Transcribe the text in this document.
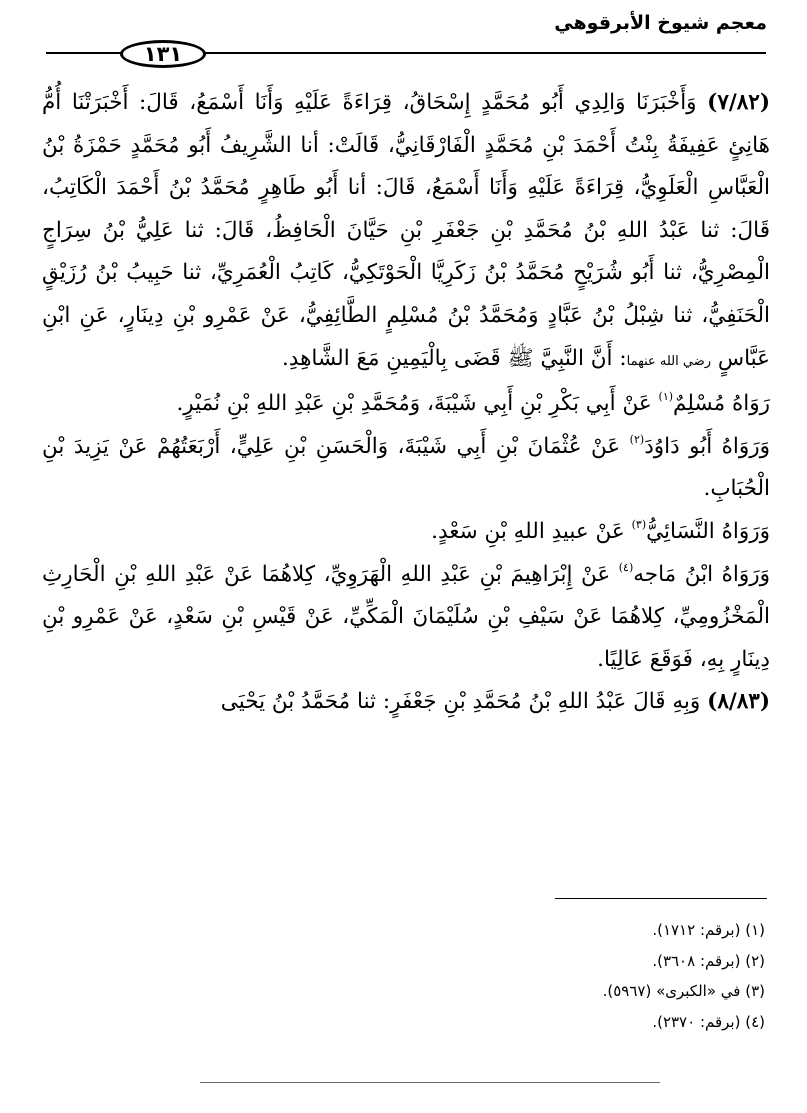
معجم شيوخ الأبرقوهي
١٣١

(٧/٨٢) وَأَخْبَرَنَا وَالِدِي أَبُو مُحَمَّدٍ إِسْحَاقُ، قِرَاءَةً عَلَيْهِ وَأَنَا أَسْمَعُ، قَالَ: أَخْبَرَتْنَا أُمُّ هَانِئٍ عَفِيفَةُ بِنْتُ أَحْمَدَ بْنِ مُحَمَّدٍ الْفَارْقَانِيُّ، قَالَتْ: أنا الشَّرِيفُ أَبُو مُحَمَّدٍ حَمْزَةُ بْنُ الْعَبَّاسِ الْعَلَوِيُّ، قِرَاءَةً عَلَيْهِ وَأَنَا أَسْمَعُ، قَالَ: أنا أَبُو طَاهِرٍ مُحَمَّدُ بْنُ أَحْمَدَ الْكَاتِبُ، قَالَ: ثنا عَبْدُ اللهِ بْنُ مُحَمَّدِ بْنِ جَعْفَرِ بْنِ حَيَّانَ الْحَافِظُ، قَالَ: ثنا عَلِيُّ بْنُ سِرَاجٍ الْمِصْرِيُّ، ثنا أَبُو شُرَيْحٍ مُحَمَّدُ بْنُ زَكَرِيَّا الْحَوْتَكِيُّ، كَاتِبُ الْعُمَرِيِّ، ثنا حَبِيبُ بْنُ رُزَيْقٍ الْحَنَفِيُّ، ثنا شِبْلُ بْنُ عَبَّادٍ وَمُحَمَّدُ بْنُ مُسْلِمٍ الطَّائِفِيُّ، عَنْ عَمْرِو بْنِ دِينَارٍ، عَنِ ابْنِ عَبَّاسٍ رضي الله عنهما: أَنَّ النَّبِيَّ ﷺ قَضَى بِالْيَمِينِ مَعَ الشَّاهِدِ.

رَوَاهُ مُسْلِمٌ$^{(١)}$ عَنْ أَبِي بَكْرِ بْنِ أَبِي شَيْبَةَ، وَمُحَمَّدِ بْنِ عَبْدِ اللهِ بْنِ نُمَيْرٍ.

وَرَوَاهُ أَبُو دَاوُدَ$^{(٢)}$ عَنْ عُثْمَانَ بْنِ أَبِي شَيْبَةَ، وَالْحَسَنِ بْنِ عَلِيٍّ، أَرْبَعَتُهُمْ عَنْ يَزِيدَ بْنِ الْحُبَابِ.

وَرَوَاهُ النَّسَائِيُّ$^{(٣)}$ عَنْ عبيدِ اللهِ بْنِ سَعْدٍ.

وَرَوَاهُ ابْنُ مَاجه$^{(٤)}$ عَنْ إِبْرَاهِيمَ بْنِ عَبْدِ اللهِ الْهَرَوِيِّ، كِلاهُمَا عَنْ عَبْدِ اللهِ بْنِ الْحَارِثِ الْمَخْزُومِيِّ، كِلاهُمَا عَنْ سَيْفِ بْنِ سُلَيْمَانَ الْمَكِّيِّ، عَنْ قَيْسِ بْنِ سَعْدٍ، عَنْ عَمْرِو بْنِ دِينَارٍ بِهِ، فَوَقَعَ عَالِيًا.

(٨/٨٣) وَبِهِ قَالَ عَبْدُ اللهِ بْنُ مُحَمَّدِ بْنِ جَعْفَرٍ: ثنا مُحَمَّدُ بْنُ يَحْيَى

(١) (برقم: ١٧١٢).
(٢) (برقم: ٣٦٠٨).
(٣) في «الكبرى» (٥٩٦٧).
(٤) (برقم: ٢٣٧٠).
